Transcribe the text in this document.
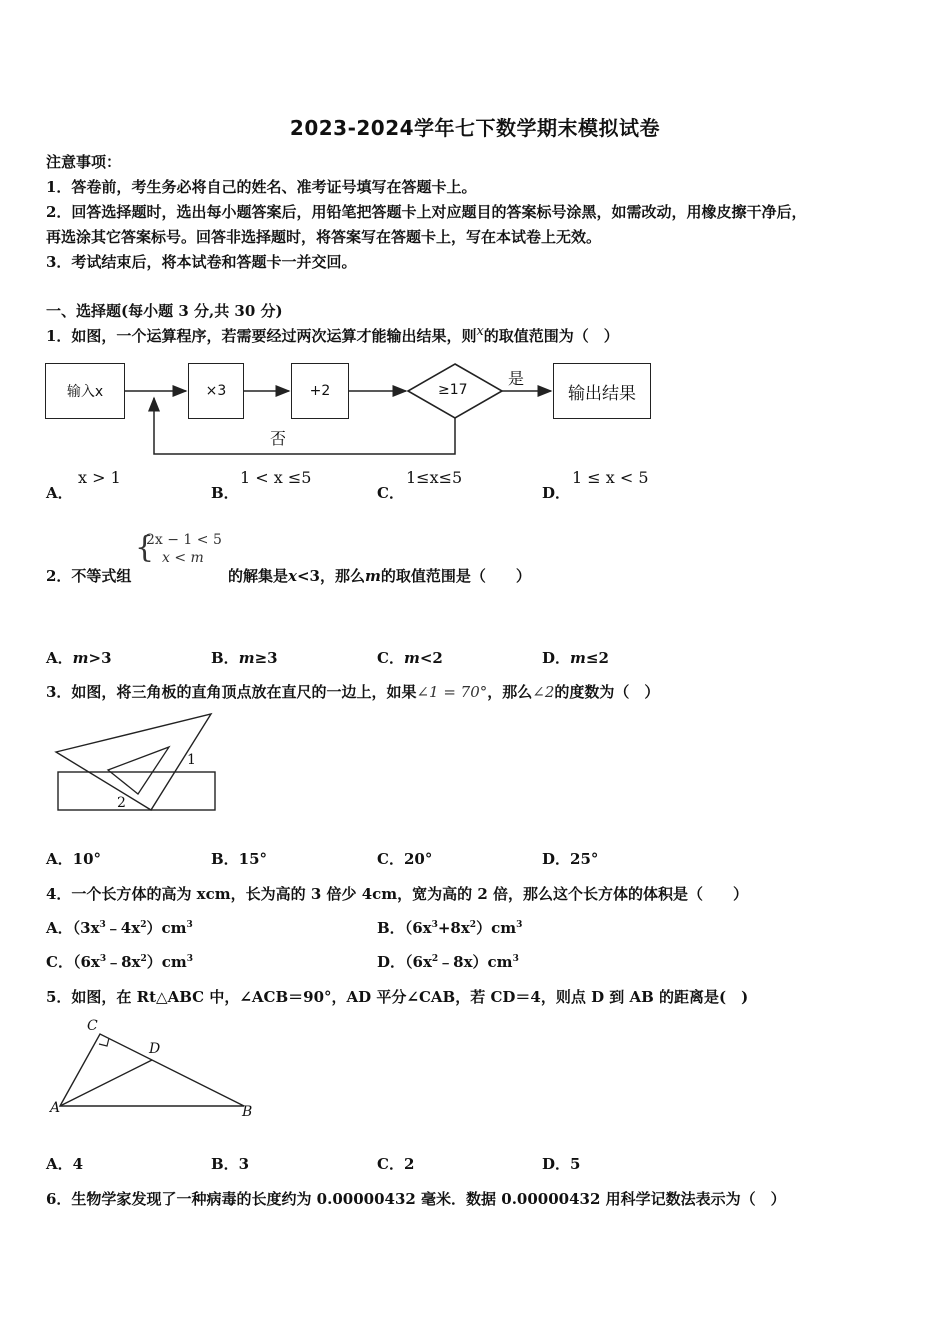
2023-2024学年七下数学期末模拟试卷
注意事项：
1．答卷前，考生务必将自己的姓名、准考证号填写在答题卡上。
2．回答选择题时，选出每小题答案后，用铅笔把答题卡上对应题目的答案标号涂黑，如需改动，用橡皮擦干净后，
再选涂其它答案标号。回答非选择题时，将答案写在答题卡上，写在本试卷上无效。
3．考试结束后，将本试卷和答题卡一并交回。
一、选择题(每小题 3 分,共 30 分)
1．如图，一个运算程序，若需要经过两次运算才能输出结果，则x的取值范围为（　）
输入x	×3	+2	输出结果
≥17
是
否
A．
x > 1
B．
1 < x ≤5
C．
1≤x≤5
D．
1 ≤ x < 5
2．不等式组
{
2x − 1 < 5
x < m
的解集是x<3，那么m的取值范围是（　　）
A．m>3	B．m≥3	C．m<2	D．m≤2
3．如图，将三角板的直角顶点放在直尺的一边上，如果∠1 = 70°，那么∠2的度数为（　）
1
2
A．10°	B．15°	C．20°	D．25°
4．一个长方体的高为 xcm，长为高的 3 倍少 4cm，宽为高的 2 倍，那么这个长方体的体积是（　　）
A．$(3x^3﹣4x^2)cm^3$	B．$(6x^3+8x^2)cm^3$
C．$(6x^3﹣8x^2)cm^3$	D．$(6x^2﹣8x)cm^3$
5．如图，在 Rt△ABC 中，∠ACB＝90°，AD 平分∠CAB，若 CD＝4，则点 D 到 AB 的距离是(　)
C
D
A	B
A．4	B．3	C．2	D．5
6．生物学家发现了一种病毒的长度约为 0.00000432 毫米．数据 0.00000432 用科学记数法表示为（　）
